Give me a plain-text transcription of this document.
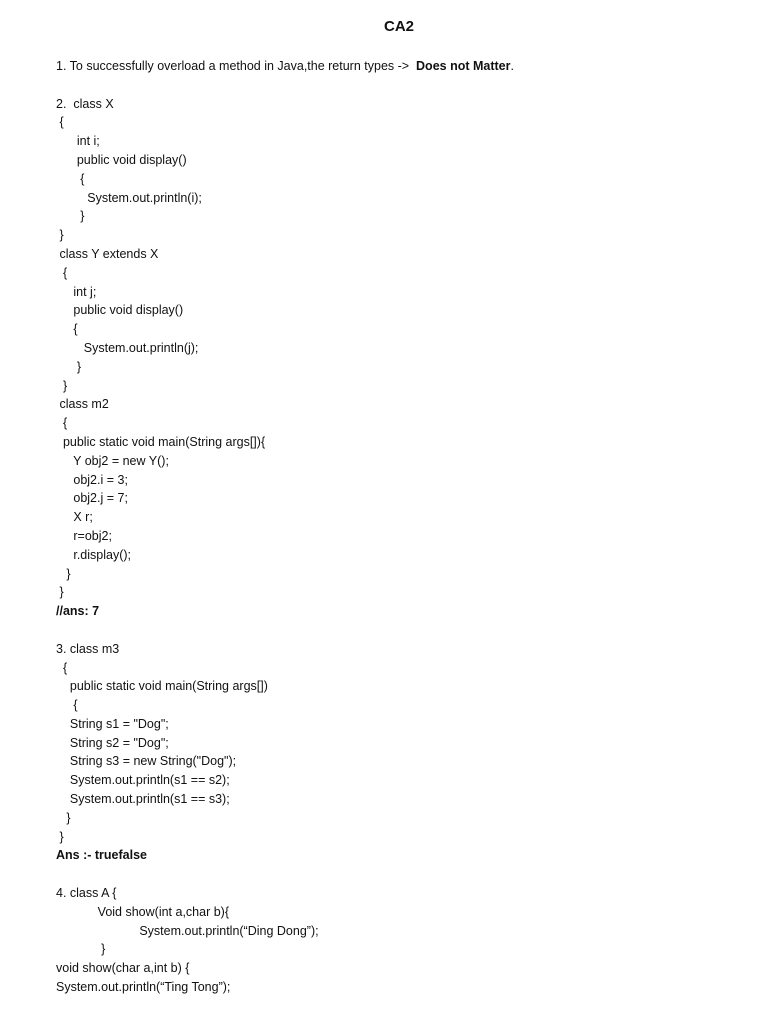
CA2
1. To successfully overload a method in Java,the return types ->  Does not Matter.
2.  class X
{
int i;
public void display()
{
System.out.println(i);
}
}
class Y extends X
{
int j;
public void display()
{
System.out.println(j);
}
}
class m2
{
public static void main(String args[]){
Y obj2 = new Y();
obj2.i = 3;
obj2.j = 7;
X r;
r=obj2;
r.display();
}
}
//ans: 7
3. class m3
{
public static void main(String args[])
{
String s1 = "Dog";
String s2 = "Dog";
String s3 = new String("Dog");
System.out.println(s1 == s2);
System.out.println(s1 == s3);
}
}
Ans :- truefalse
4. class A {
Void show(int a,char b){
System.out.println(“Ding Dong”);
}
void show(char a,int b) {
System.out.println(“Ting Tong”);
